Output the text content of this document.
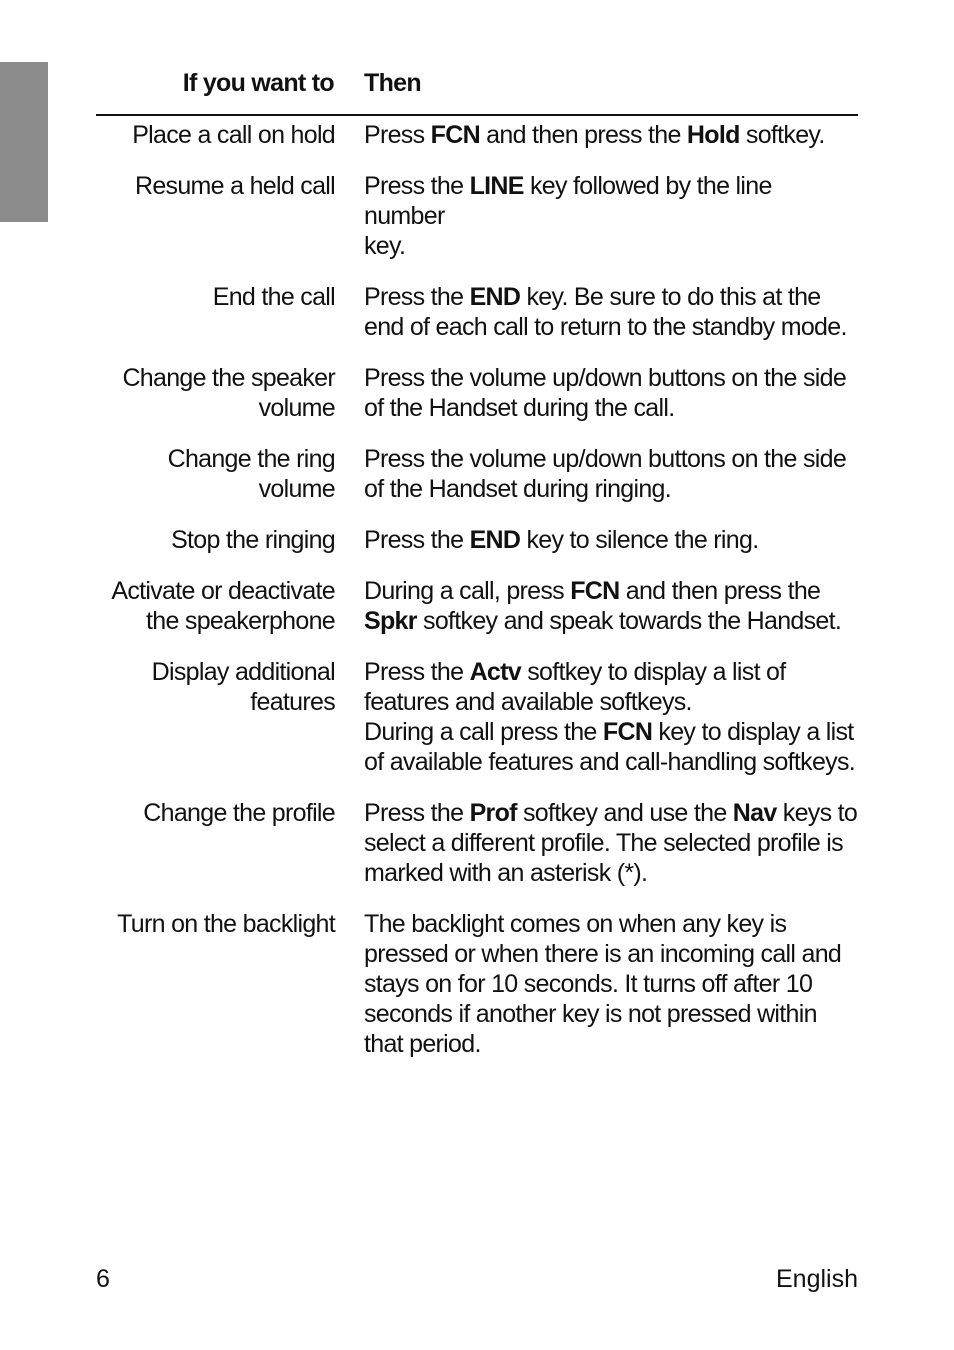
If you want to Then
Place a call on hold Press FCN and then press the Hold softkey.
Resume a held call Press the LINE key followed by the line number
key.
End the call Press the END key. Be sure to do this at the
end of each call to return to the standby mode.
Change the speaker
volume
Press the volume up/down buttons on the side
of the Handset during the call.
Change the ring
volume
Press the volume up/down buttons on the side
of the Handset during ringing.
Stop the ringing Press the END key to silence the ring.
Activate or deactivate
the speakerphone
During a call, press FCN and then press the
Spkr softkey and speak towards the Handset.
Display additional
features
Press the Actv softkey to display a list of
features and available softkeys.
During a call press the FCN key to display a list
of available features and call-handling softkeys.
Change the profile Press the Prof softkey and use the Nav keys to
select a different profile. The selected profile is
marked with an asterisk (*).
Turn on the backlight The backlight comes on when any key is
pressed or when there is an incoming call and
stays on for 10 seconds. It turns off after 10
seconds if another key is not pressed within
that period.
6	English
